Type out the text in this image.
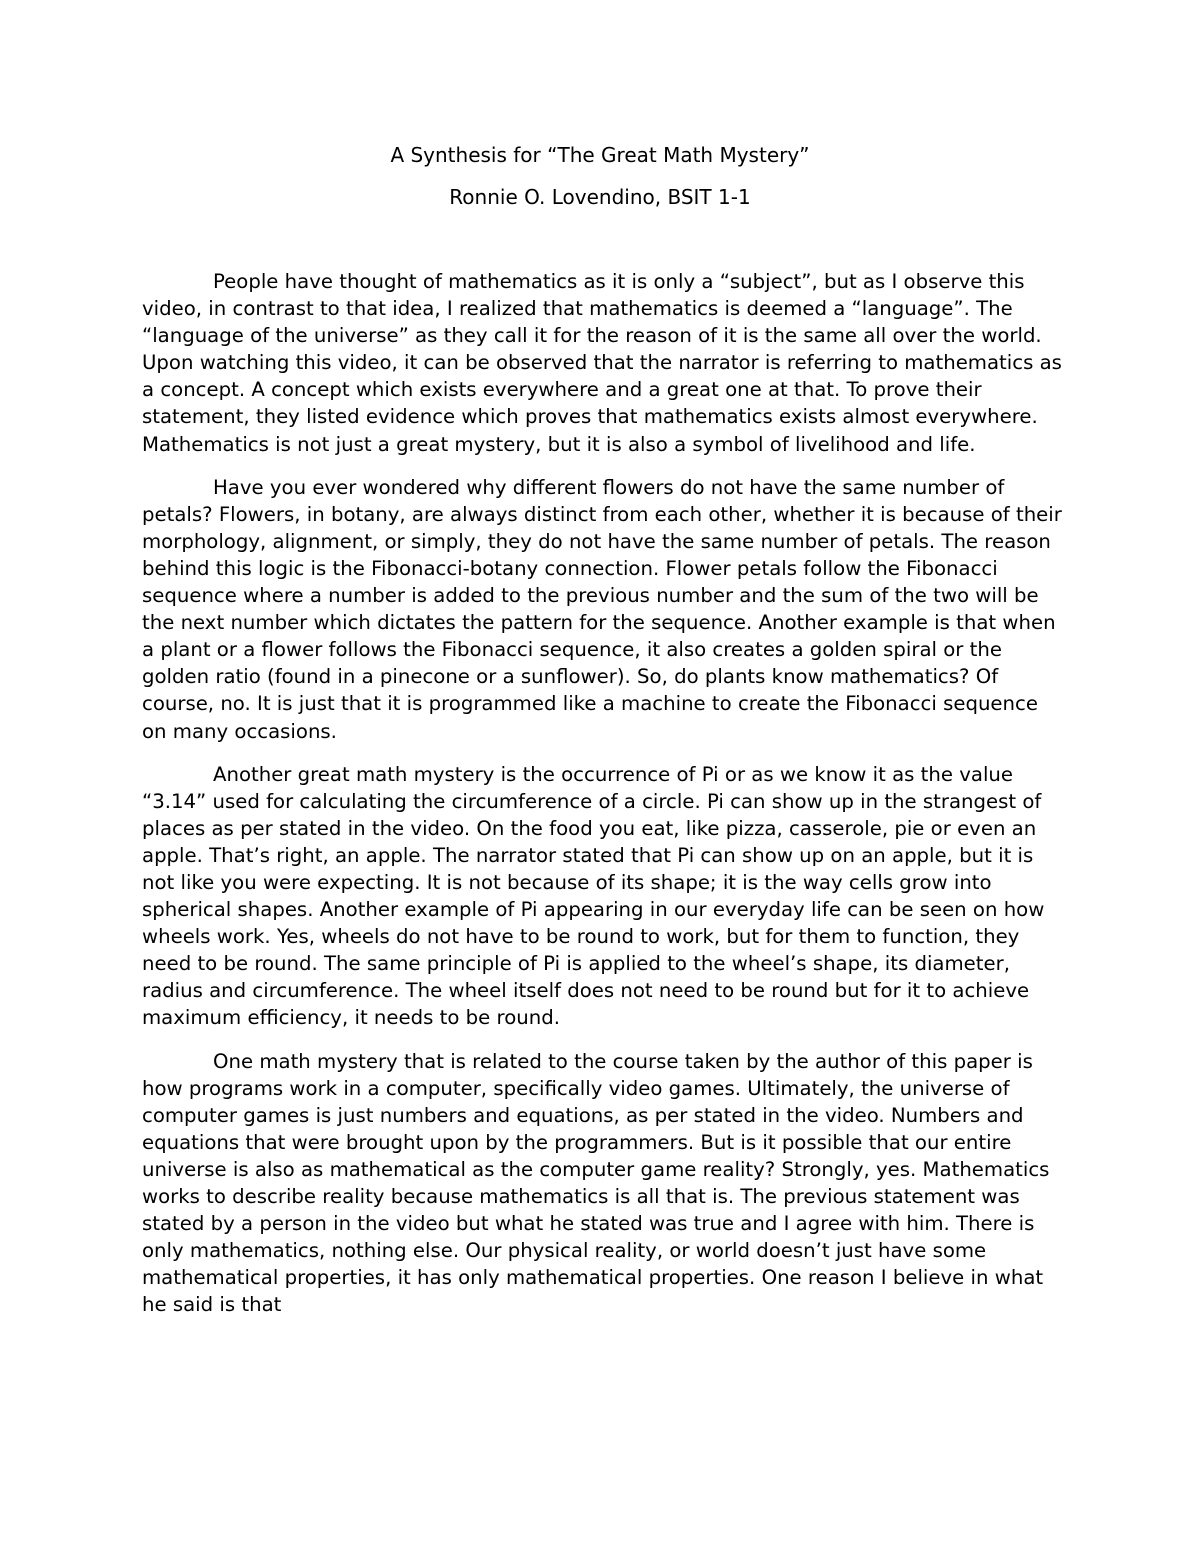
A Synthesis for “The Great Math Mystery”
Ronnie O. Lovendino, BSIT 1-1

People have thought of mathematics as it is only a “subject”, but as I observe this video, in contrast to that idea, I realized that mathematics is deemed a “language”. The “language of the universe” as they call it for the reason of it is the same all over the world. Upon watching this video, it can be observed that the narrator is referring to mathematics as a concept. A concept which exists everywhere and a great one at that. To prove their statement, they listed evidence which proves that mathematics exists almost everywhere. Mathematics is not just a great mystery, but it is also a symbol of livelihood and life.

Have you ever wondered why different flowers do not have the same number of petals? Flowers, in botany, are always distinct from each other, whether it is because of their morphology, alignment, or simply, they do not have the same number of petals. The reason behind this logic is the Fibonacci-botany connection. Flower petals follow the Fibonacci sequence where a number is added to the previous number and the sum of the two will be the next number which dictates the pattern for the sequence. Another example is that when a plant or a flower follows the Fibonacci sequence, it also creates a golden spiral or the golden ratio (found in a pinecone or a sunflower). So, do plants know mathematics? Of course, no. It is just that it is programmed like a machine to create the Fibonacci sequence on many occasions.

Another great math mystery is the occurrence of Pi or as we know it as the value “3.14” used for calculating the circumference of a circle. Pi can show up in the strangest of places as per stated in the video. On the food you eat, like pizza, casserole, pie or even an apple. That’s right, an apple. The narrator stated that Pi can show up on an apple, but it is not like you were expecting. It is not because of its shape; it is the way cells grow into spherical shapes. Another example of Pi appearing in our everyday life can be seen on how wheels work. Yes, wheels do not have to be round to work, but for them to function, they need to be round. The same principle of Pi is applied to the wheel’s shape, its diameter, radius and circumference. The wheel itself does not need to be round but for it to achieve maximum efficiency, it needs to be round.

One math mystery that is related to the course taken by the author of this paper is how programs work in a computer, specifically video games. Ultimately, the universe of computer games is just numbers and equations, as per stated in the video. Numbers and equations that were brought upon by the programmers. But is it possible that our entire universe is also as mathematical as the computer game reality? Strongly, yes. Mathematics works to describe reality because mathematics is all that is. The previous statement was stated by a person in the video but what he stated was true and I agree with him. There is only mathematics, nothing else. Our physical reality, or world doesn’t just have some mathematical properties, it has only mathematical properties. One reason I believe in what he said is that
